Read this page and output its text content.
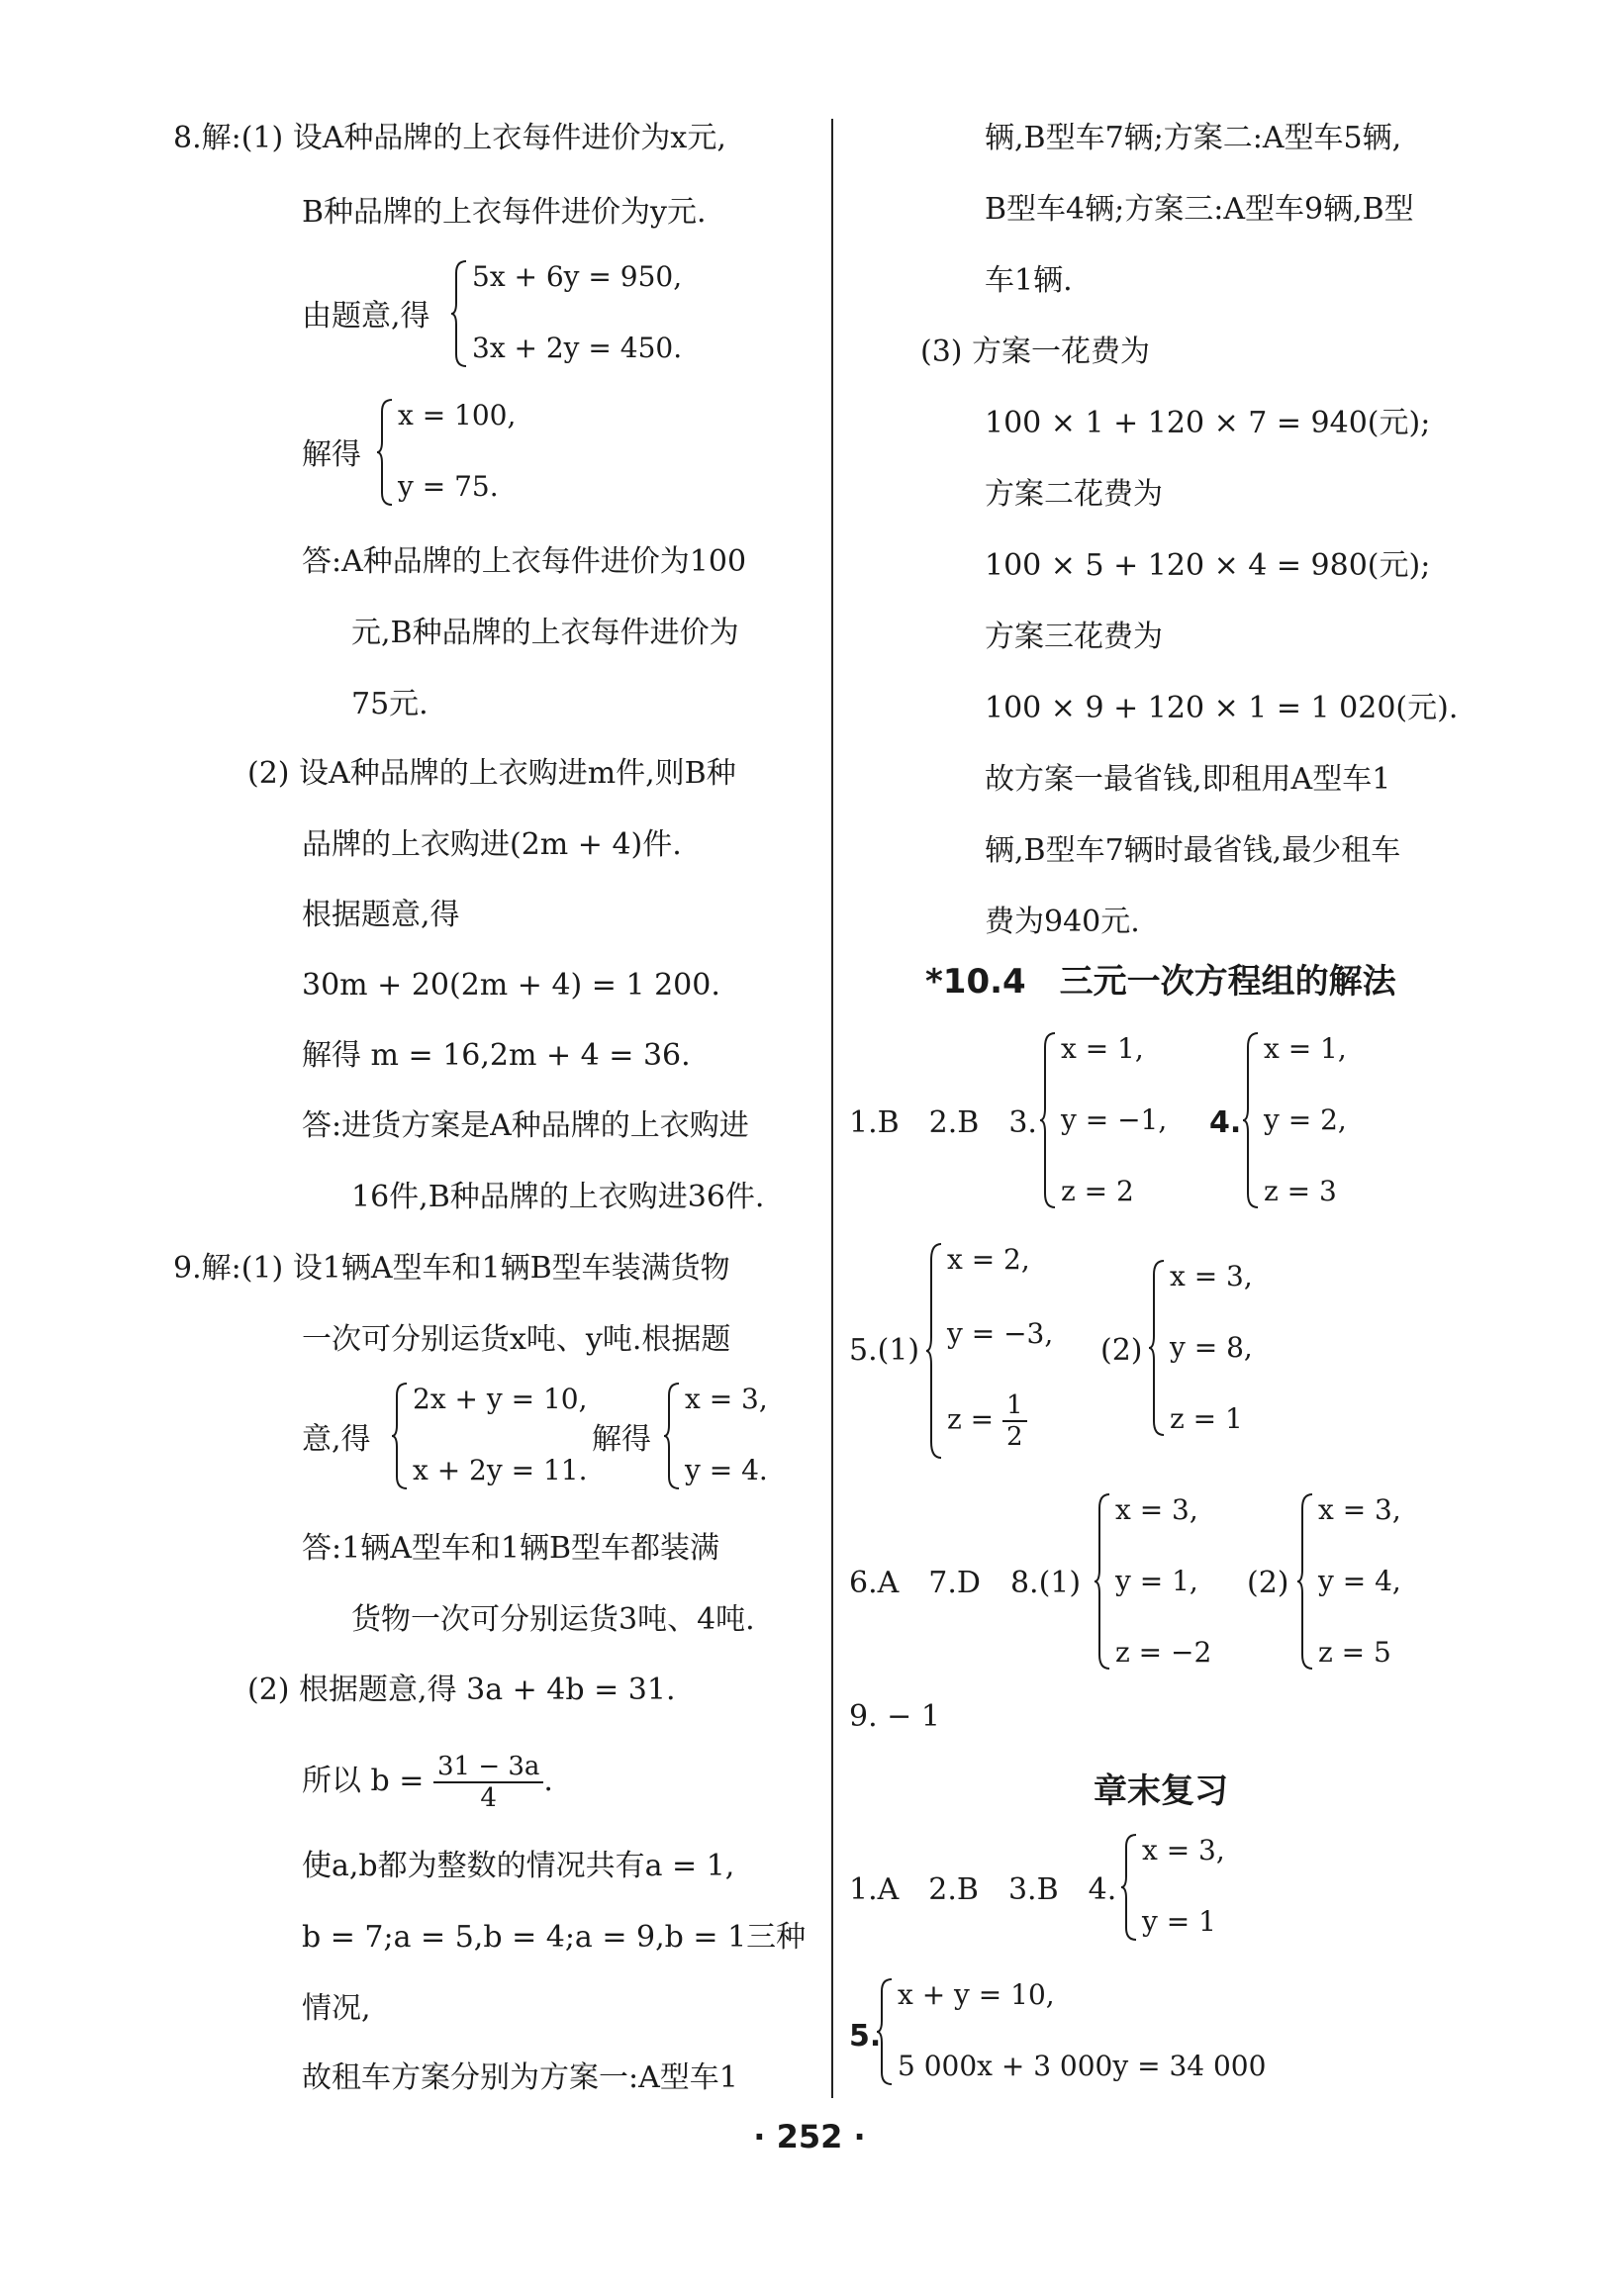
8.解:(1) 设A种品牌的上衣每件进价为x元,
B种品牌的上衣每件进价为y元.
由题意,得
5x + 6y = 950,
3x + 2y = 450.
解得
x = 100,
y = 75.
答:A种品牌的上衣每件进价为100
元,B种品牌的上衣每件进价为
75元.
(2) 设A种品牌的上衣购进m件,则B种
品牌的上衣购进(2m + 4)件.
根据题意,得
30m + 20(2m + 4) = 1 200.
解得 m = 16,2m + 4 = 36.
答:进货方案是A种品牌的上衣购进
16件,B种品牌的上衣购进36件.
9.解:(1) 设1辆A型车和1辆B型车装满货物
一次可分别运货x吨、y吨.根据题
意,得
2x + y = 10,
x + 2y = 11.
解得
x = 3,
y = 4.
答:1辆A型车和1辆B型车都装满
货物一次可分别运货3吨、4吨.
(2) 根据题意,得 3a + 4b = 31.
所以 $b = \frac{31 - 3a}{4}$ .
使a,b都为整数的情况共有a = 1,
b = 7;a = 5,b = 4;a = 9,b = 1三种
情况,
故租车方案分别为方案一:A型车1
辆,B型车7辆;方案二:A型车5辆,
B型车4辆;方案三:A型车9辆,B型
车1辆.
(3) 方案一花费为
100 × 1 + 120 × 7 = 940(元);
方案二花费为
100 × 5 + 120 × 4 = 980(元);
方案三花费为
100 × 9 + 120 × 1 = 1 020(元).
故方案一最省钱,即租用A型车1
辆,B型车7辆时最省钱,最少租车
费为940元.
*10.4　三元一次方程组的解法
1.B　2.B　3.
x = 1,
y = −1,
z = 2
4.
x = 1,
y = 2,
z = 3
5.(1)
x = 2,
y = −3,
$z = \frac{1}{2}$
(2)
x = 3,
y = 8,
z = 1
6.A　7.D　8.(1)
x = 3,
y = 1,
z = −2
(2)
x = 3,
y = 4,
z = 5
9. − 1
章末复习
1.A　2.B　3.B　4.
x = 3,
y = 1
5.
x + y = 10,
5 000x + 3 000y = 34 000
· 252 ·
